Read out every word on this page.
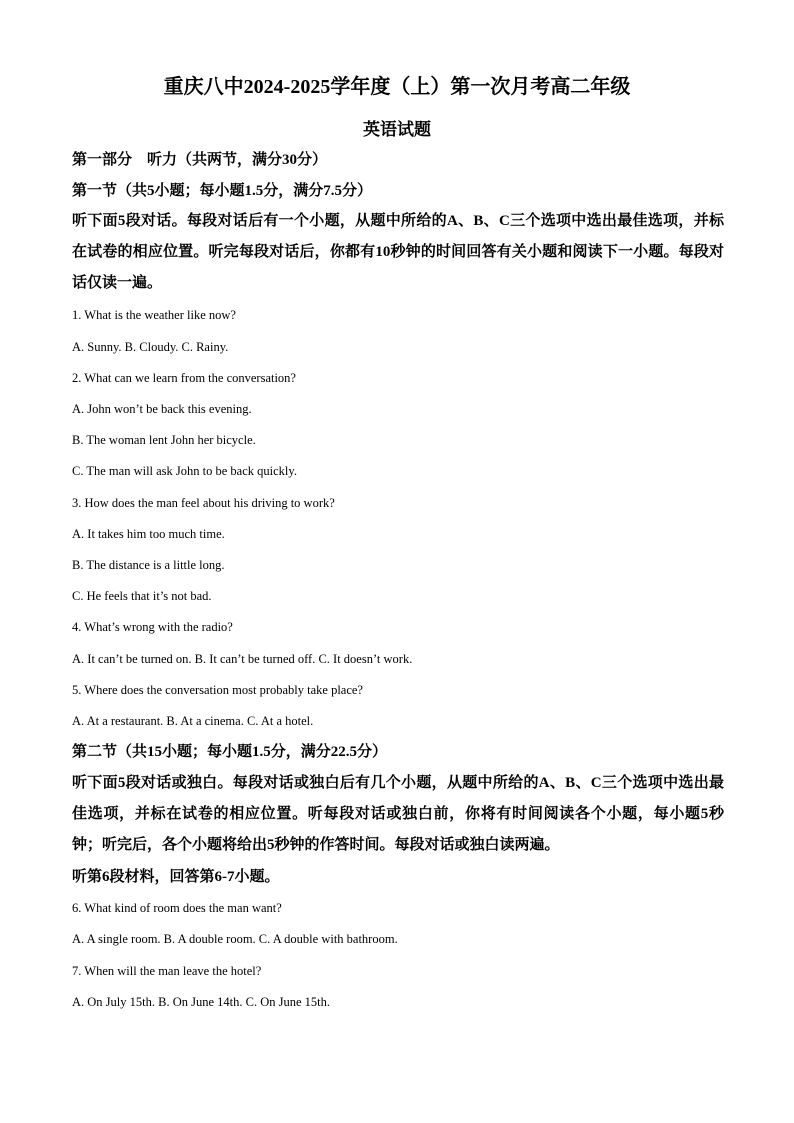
重庆八中2024-2025学年度（上）第一次月考高二年级
英语试题
第一部分　听力（共两节，满分30分）
第一节（共5小题；每小题1.5分，满分7.5分）
听下面5段对话。每段对话后有一个小题，从题中所给的A、B、C三个选项中选出最佳选项，并标在试卷的相应位置。听完每段对话后，你都有10秒钟的时间回答有关小题和阅读下一小题。每段对话仅读一遍。
1. What is the weather like now?
A. Sunny. B. Cloudy. C. Rainy.
2. What can we learn from the conversation?
A. John won’t be back this evening.
B. The woman lent John her bicycle.
C. The man will ask John to be back quickly.
3. How does the man feel about his driving to work?
A. It takes him too much time.
B. The distance is a little long.
C. He feels that it’s not bad.
4. What’s wrong with the radio?
A. It can’t be turned on. B. It can’t be turned off. C. It doesn’t work.
5. Where does the conversation most probably take place?
A. At a restaurant. B. At a cinema. C. At a hotel.
第二节（共15小题；每小题1.5分，满分22.5分）
听下面5段对话或独白。每段对话或独白后有几个小题，从题中所给的A、B、C三个选项中选出最佳选项，并标在试卷的相应位置。听每段对话或独白前，你将有时间阅读各个小题，每小题5秒钟；听完后，各个小题将给出5秒钟的作答时间。每段对话或独白读两遍。
听第6段材料，回答第6-7小题。
6. What kind of room does the man want?
A. A single room. B. A double room. C. A double with bathroom.
7. When will the man leave the hotel?
A. On July 15th. B. On June 14th. C. On June 15th.
